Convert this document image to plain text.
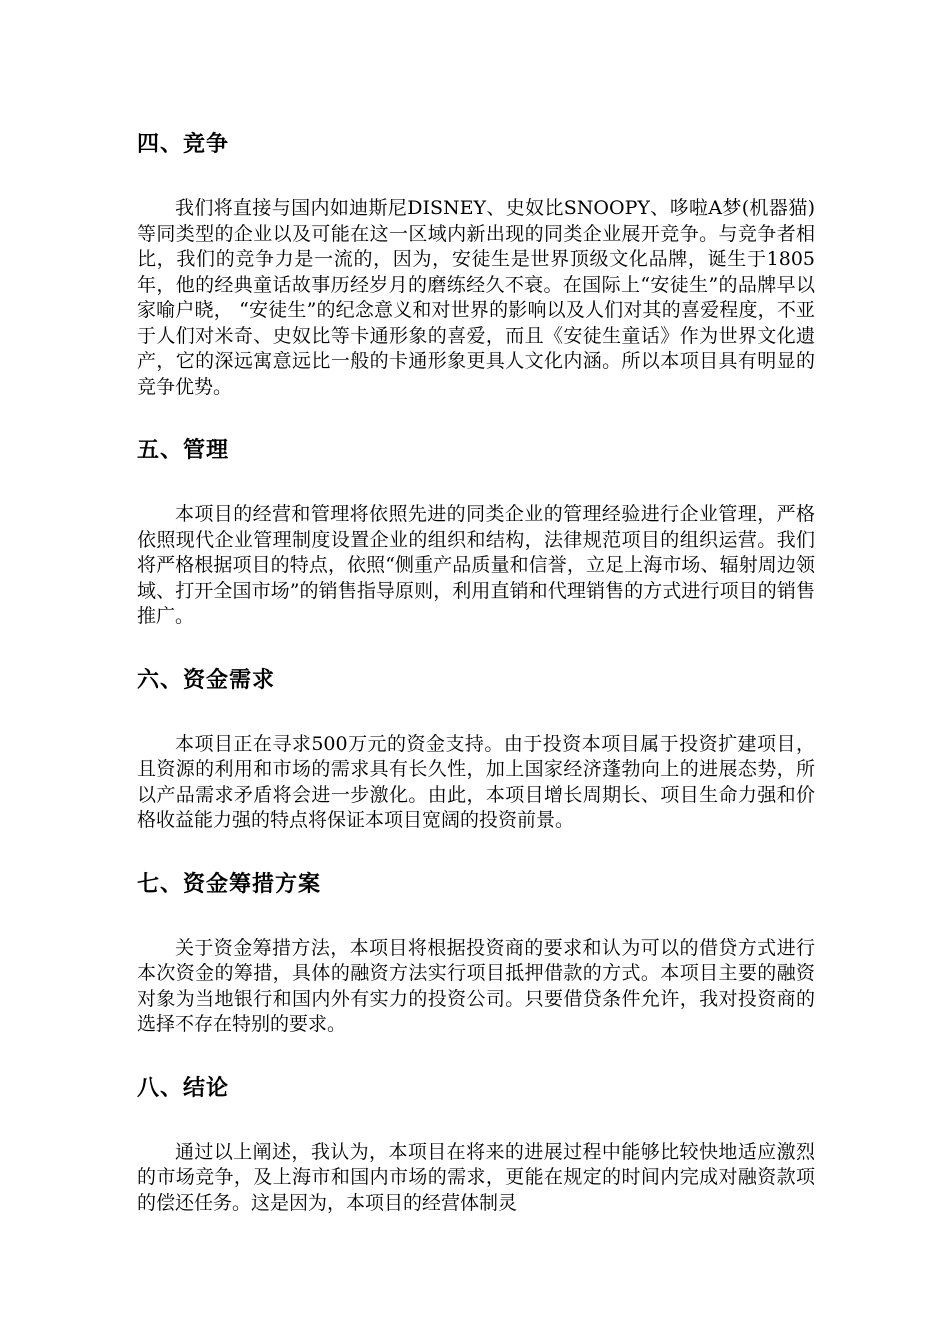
四、竞争

我们将直接与国内如迪斯尼DISNEY、史奴比SNOOPY、哆啦A梦(机器猫)等同类型的企业以及可能在这一区域内新出现的同类企业展开竞争。与竞争者相比，我们的竞争力是一流的，因为，安徒生是世界顶级文化品牌，诞生于1805年，他的经典童话故事历经岁月的磨练经久不衰。在国际上“安徒生”的品牌早以家喻户晓， “安徒生”的纪念意义和对世界的影响以及人们对其的喜爱程度，不亚于人们对米奇、史奴比等卡通形象的喜爱，而且《安徒生童话》作为世界文化遗产，它的深远寓意远比一般的卡通形象更具人文化内涵。所以本项目具有明显的竞争优势。

五、管理

本项目的经营和管理将依照先进的同类企业的管理经验进行企业管理，严格依照现代企业管理制度设置企业的组织和结构，法律规范项目的组织运营。我们将严格根据项目的特点，依照“侧重产品质量和信誉，立足上海市场、辐射周边领域、打开全国市场”的销售指导原则，利用直销和代理销售的方式进行项目的销售推广。

六、资金需求

本项目正在寻求500万元的资金支持。由于投资本项目属于投资扩建项目，且资源的利用和市场的需求具有长久性，加上国家经济蓬勃向上的进展态势，所以产品需求矛盾将会进一步激化。由此，本项目增长周期长、项目生命力强和价格收益能力强的特点将保证本项目宽阔的投资前景。

七、资金筹措方案

关于资金筹措方法，本项目将根据投资商的要求和认为可以的借贷方式进行本次资金的筹措，具体的融资方法实行项目抵押借款的方式。本项目主要的融资对象为当地银行和国内外有实力的投资公司。只要借贷条件允许，我对投资商的选择不存在特别的要求。

八、结论

通过以上阐述，我认为，本项目在将来的进展过程中能够比较快地适应激烈的市场竞争，及上海市和国内市场的需求，更能在规定的时间内完成对融资款项的偿还任务。这是因为，本项目的经营体制灵
